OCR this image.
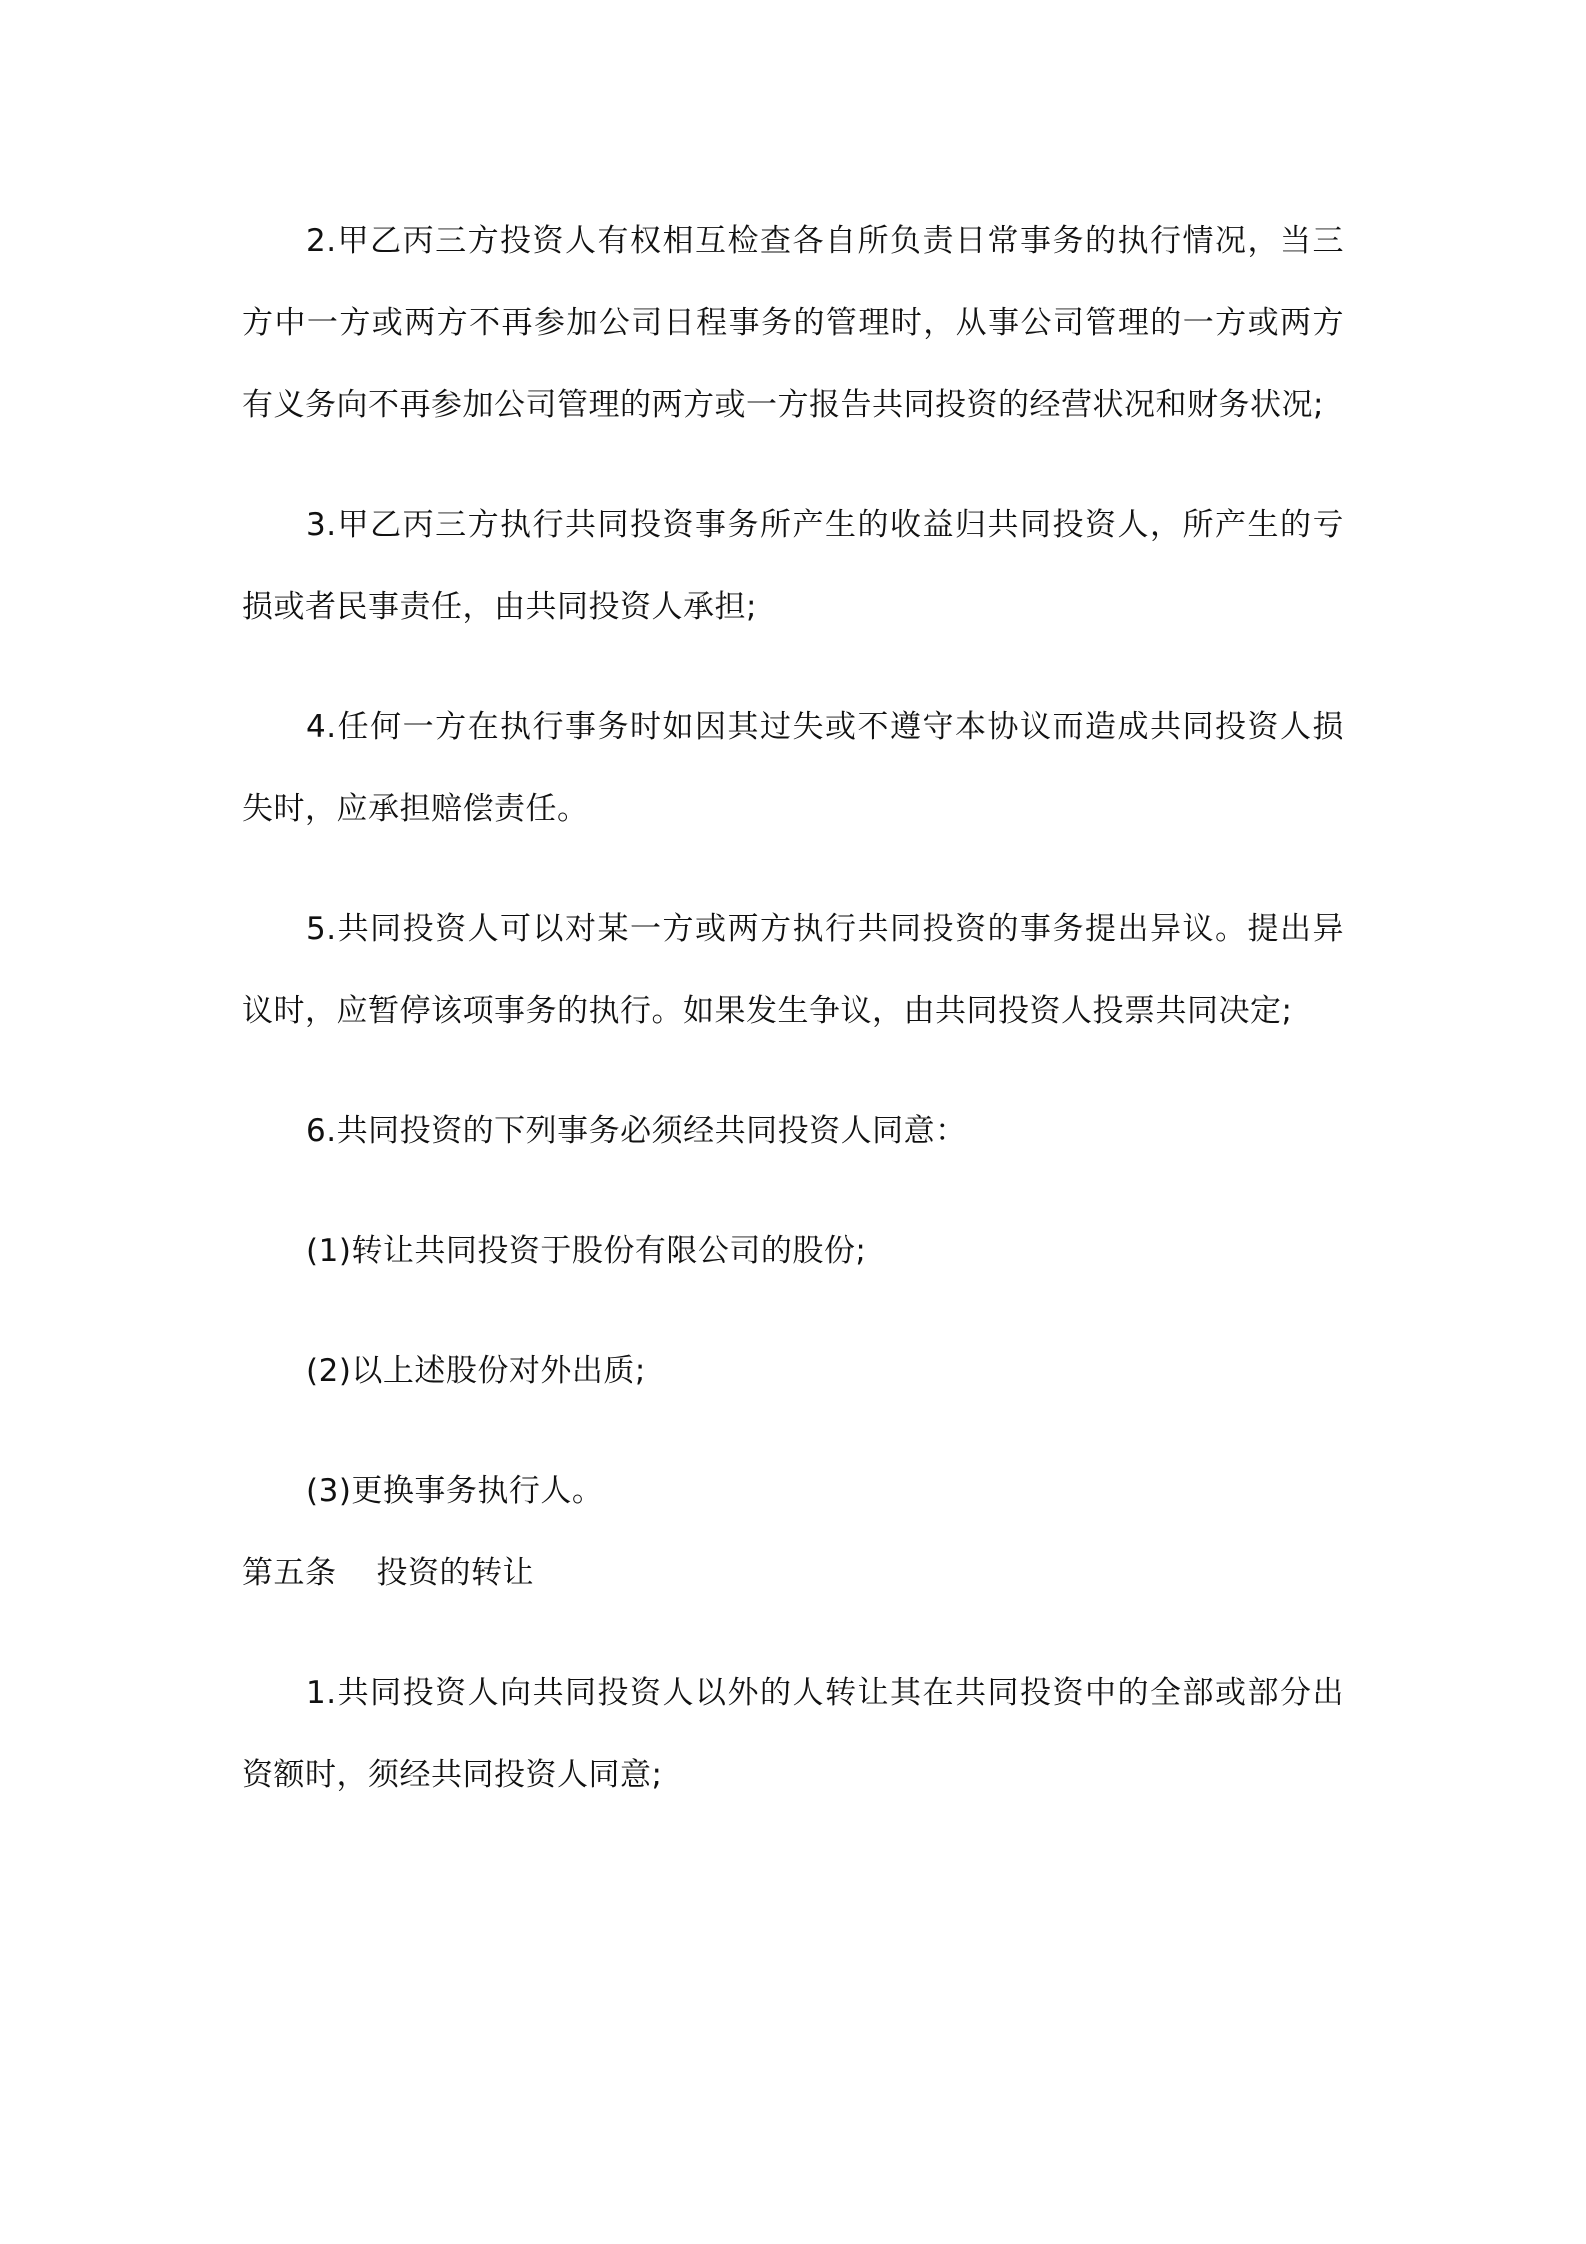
2.甲乙丙三方投资人有权相互检查各自所负责日常事务的执行情况，当三方中一方或两方不再参加公司日程事务的管理时，从事公司管理的一方或两方有义务向不再参加公司管理的两方或一方报告共同投资的经营状况和财务状况;

3.甲乙丙三方执行共同投资事务所产生的收益归共同投资人，所产生的亏损或者民事责任，由共同投资人承担;

4.任何一方在执行事务时如因其过失或不遵守本协议而造成共同投资人损失时，应承担赔偿责任。

5.共同投资人可以对某一方或两方执行共同投资的事务提出异议。提出异议时，应暂停该项事务的执行。如果发生争议，由共同投资人投票共同决定;

6.共同投资的下列事务必须经共同投资人同意：

(1)转让共同投资于股份有限公司的股份;

(2)以上述股份对外出质;

(3)更换事务执行人。

第五条 投资的转让

1.共同投资人向共同投资人以外的人转让其在共同投资中的全部或部分出资额时，须经共同投资人同意;
